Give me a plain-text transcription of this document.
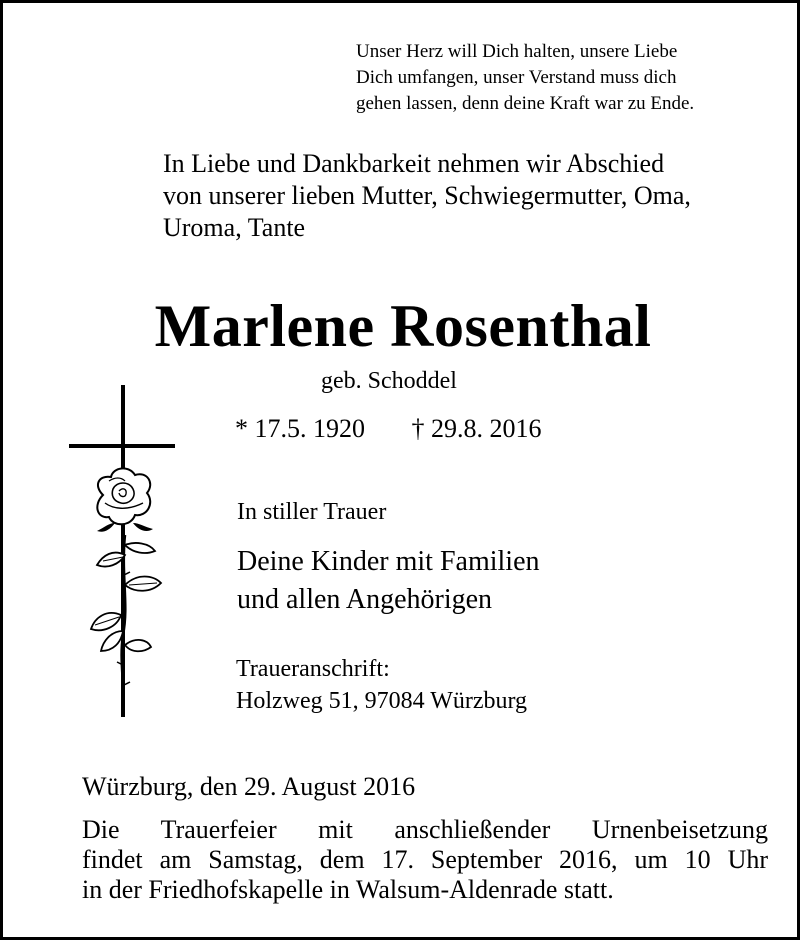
Unser Herz will Dich halten, unsere Liebe
Dich umfangen, unser Verstand muss dich
gehen lassen, denn deine Kraft war zu Ende.
In Liebe und Dankbarkeit nehmen wir Abschied
von unserer lieben Mutter, Schwiegermutter, Oma,
Uroma, Tante
Marlene Rosenthal
geb. Schoddel
* 17.5. 1920 † 29.8. 2016
In stiller Trauer
Deine Kinder mit Familien
und allen Angehörigen
Traueranschrift:
Holzweg 51, 97084 Würzburg
Würzburg, den 29. August 2016
Die Trauerfeier mit anschließender Urnenbeisetzung
findet am Samstag, dem 17. September 2016, um 10 Uhr
in der Friedhofskapelle in Walsum-Aldenrade statt.
